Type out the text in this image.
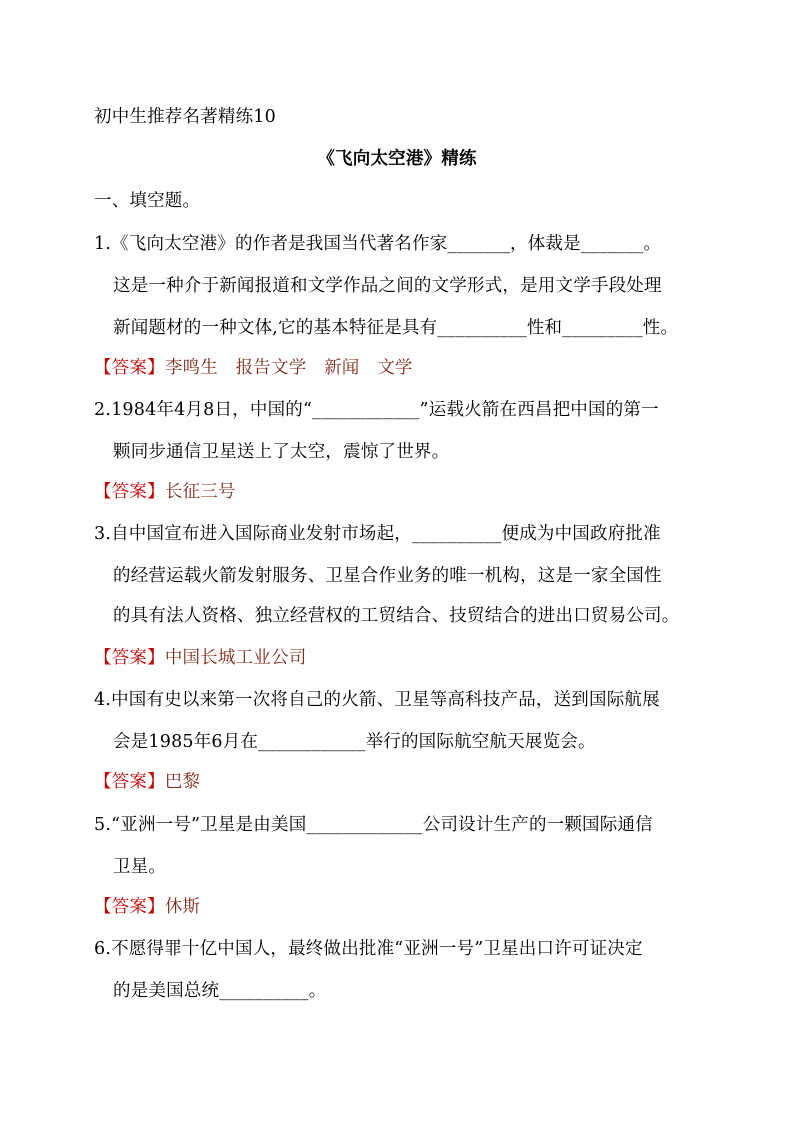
初中生推荐名著精练10
《飞向太空港》精练
一、填空题。
1.《飞向太空港》的作者是我国当代著名作家_______，体裁是_______。
这是一种介于新闻报道和文学作品之间的文学形式，是用文学手段处理
新闻题材的一种文体,它的基本特征是具有__________性和_________性。
【答案】李鸣生　报告文学　新闻　文学
2.1984年4月8日，中国的“____________”运载火箭在西昌把中国的第一
颗同步通信卫星送上了太空，震惊了世界。
【答案】长征三号
3.自中国宣布进入国际商业发射市场起，__________便成为中国政府批准
的经营运载火箭发射服务、卫星合作业务的唯一机构，这是一家全国性
的具有法人资格、独立经营权的工贸结合、技贸结合的进出口贸易公司。
【答案】中国长城工业公司
4.中国有史以来第一次将自己的火箭、卫星等高科技产品，送到国际航展
会是1985年6月在____________举行的国际航空航天展览会。
【答案】巴黎
5.“亚洲一号”卫星是由美国_____________公司设计生产的一颗国际通信
卫星。
【答案】休斯
6.不愿得罪十亿中国人，最终做出批准“亚洲一号”卫星出口许可证决定
的是美国总统__________。
